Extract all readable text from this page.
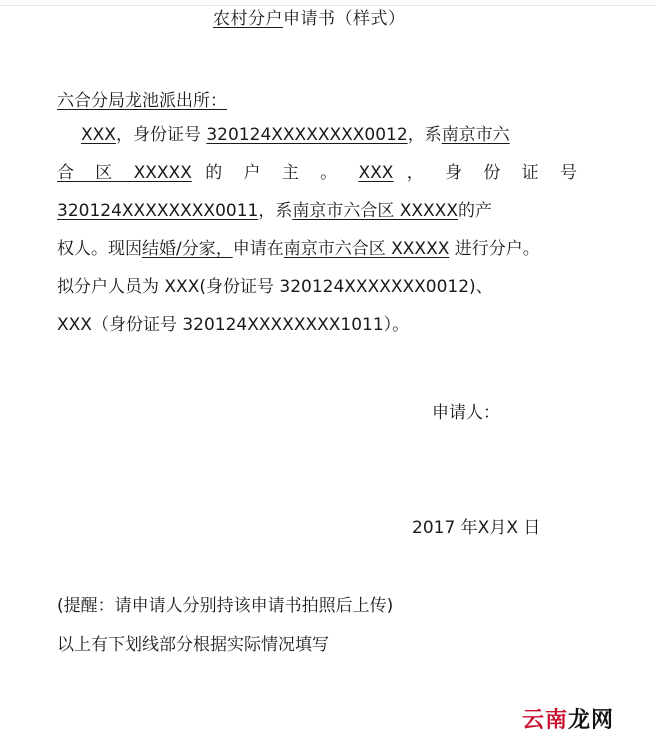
农村分户申请书（样式）
六合分局龙池派出所：
XXX，身份证号 320124XXXXXXXX0012，系南京市六
合 区 XXXXX 的 户 主 。 XXX ， 身 份 证 号
320124XXXXXXXX0011，系南京市六合区 XXXXX的产
权人。现因结婚/分家，申请在南京市六合区 XXXXX 进行分户。
拟分户人员为 XXX(身份证号 320124XXXXXXX0012)、
XXX（身份证号 320124XXXXXXXX1011）。
申请人：
2017 年X月X 日
(提醒：请申请人分别持该申请书拍照后上传)
以上有下划线部分根据实际情况填写
云南龙网
